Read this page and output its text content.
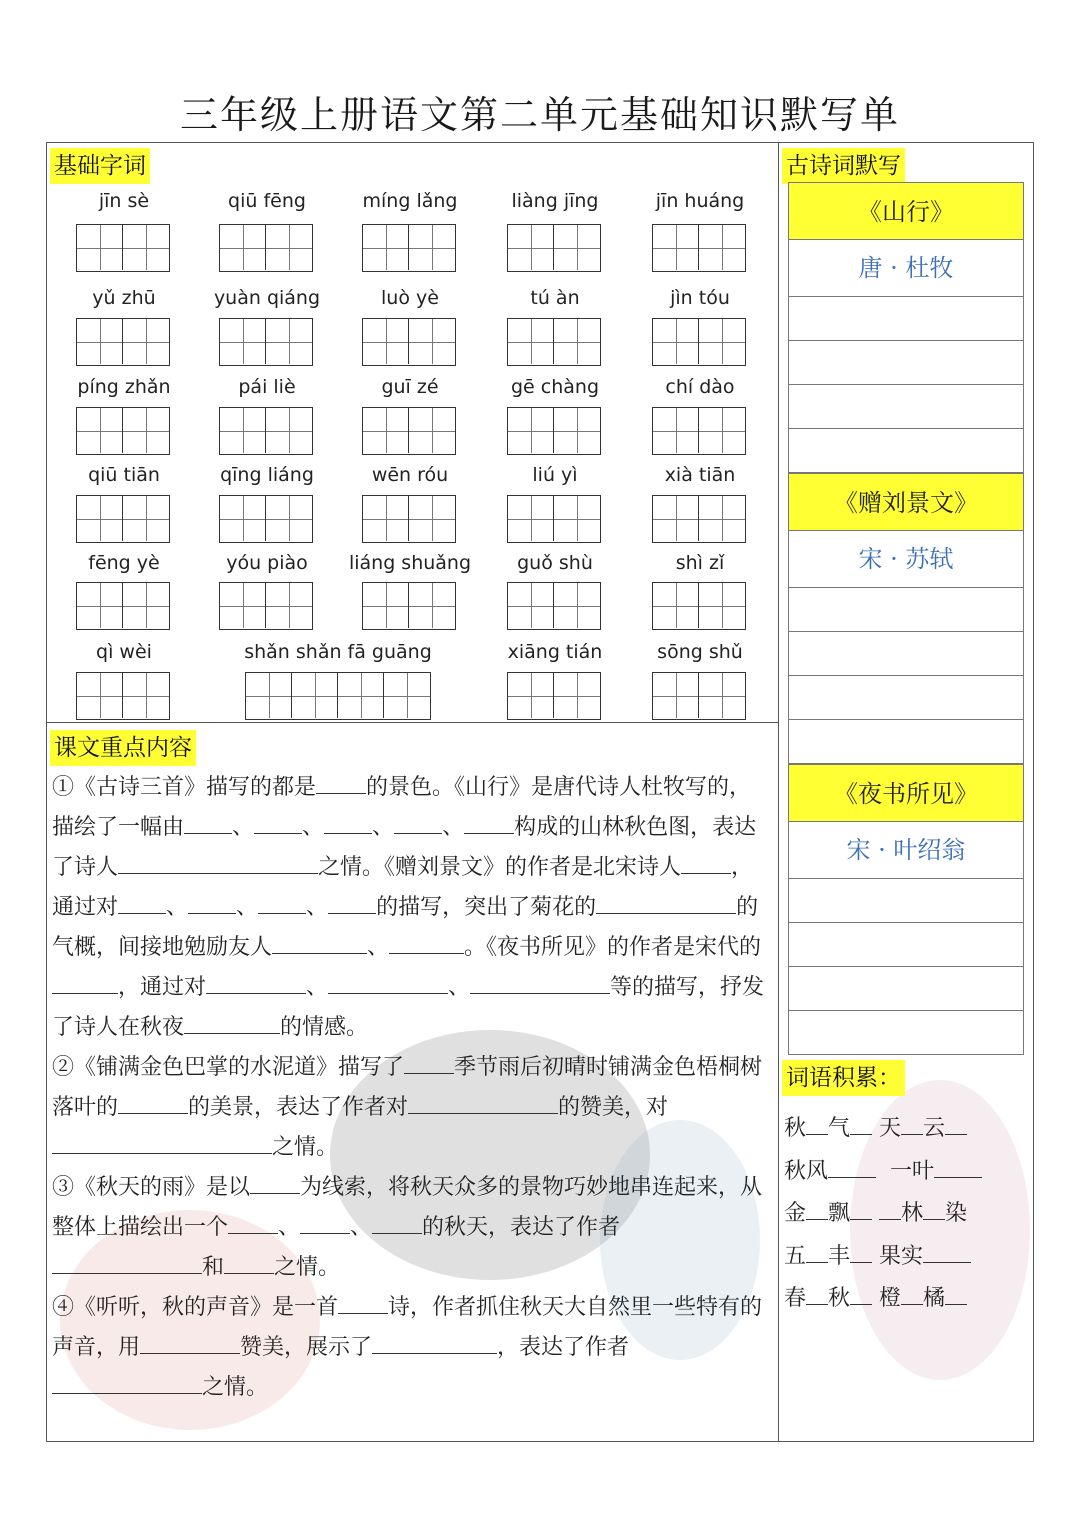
三年级上册语文第二单元基础知识默写单
基础字词
课文重点内容
古诗词默写
词语积累：
jīn sè	qiū fēng	míng lǎng	liàng jīng	jīn huáng
yǔ zhū	yuàn qiáng	luò yè	tú àn	jìn tóu
píng zhǎn	pái liè	guī zé	gē chàng	chí dào
qiū tiān	qīng liáng	wēn róu	liú yì	xià tiān
fēng yè	yóu piào	liáng shuǎng	guǒ shù	shì zǐ
qì wèi	shǎn shǎn fā guāng	xiāng tián	sōng shǔ

①《古诗三首》描写的都是 的景色。《山行》是唐代诗人杜牧写的，描绘了一幅由 、 、 、 、 构成的山林秋色图，表达了诗人	之情。《赠刘景文》的作者是北宋诗人 ，通过对 、 、 、 的描写，突出了菊花的	的气概，间接地勉励友人	、	。《夜书所见》的作者是宋代的，通过对	、	、	等的描写，抒发了诗人在秋夜	的情感。

②《铺满金色巴掌的水泥道》描写了 季节雨后初晴时铺满金色梧桐树落叶的	的美景，表达了作者对	的赞美，对之情。

③《秋天的雨》是以 为线索，将秋天众多的景物巧妙地串连起来，从整体上描绘出一个 、 、 的秋天，表达了作者和 之情。

④《听听，秋的声音》是一首 诗，作者抓住秋天大自然里一些特有的声音，用	赞美，展示了	，表达了作者之情。

《山行》
唐 · 杜牧
《赠刘景文》
宋 · 苏轼
《夜书所见》
宋 · 叶绍翁
秋 气 天 云
秋风	一叶
金 飘 林 染
五 丰 果实
春 秋 橙 橘
